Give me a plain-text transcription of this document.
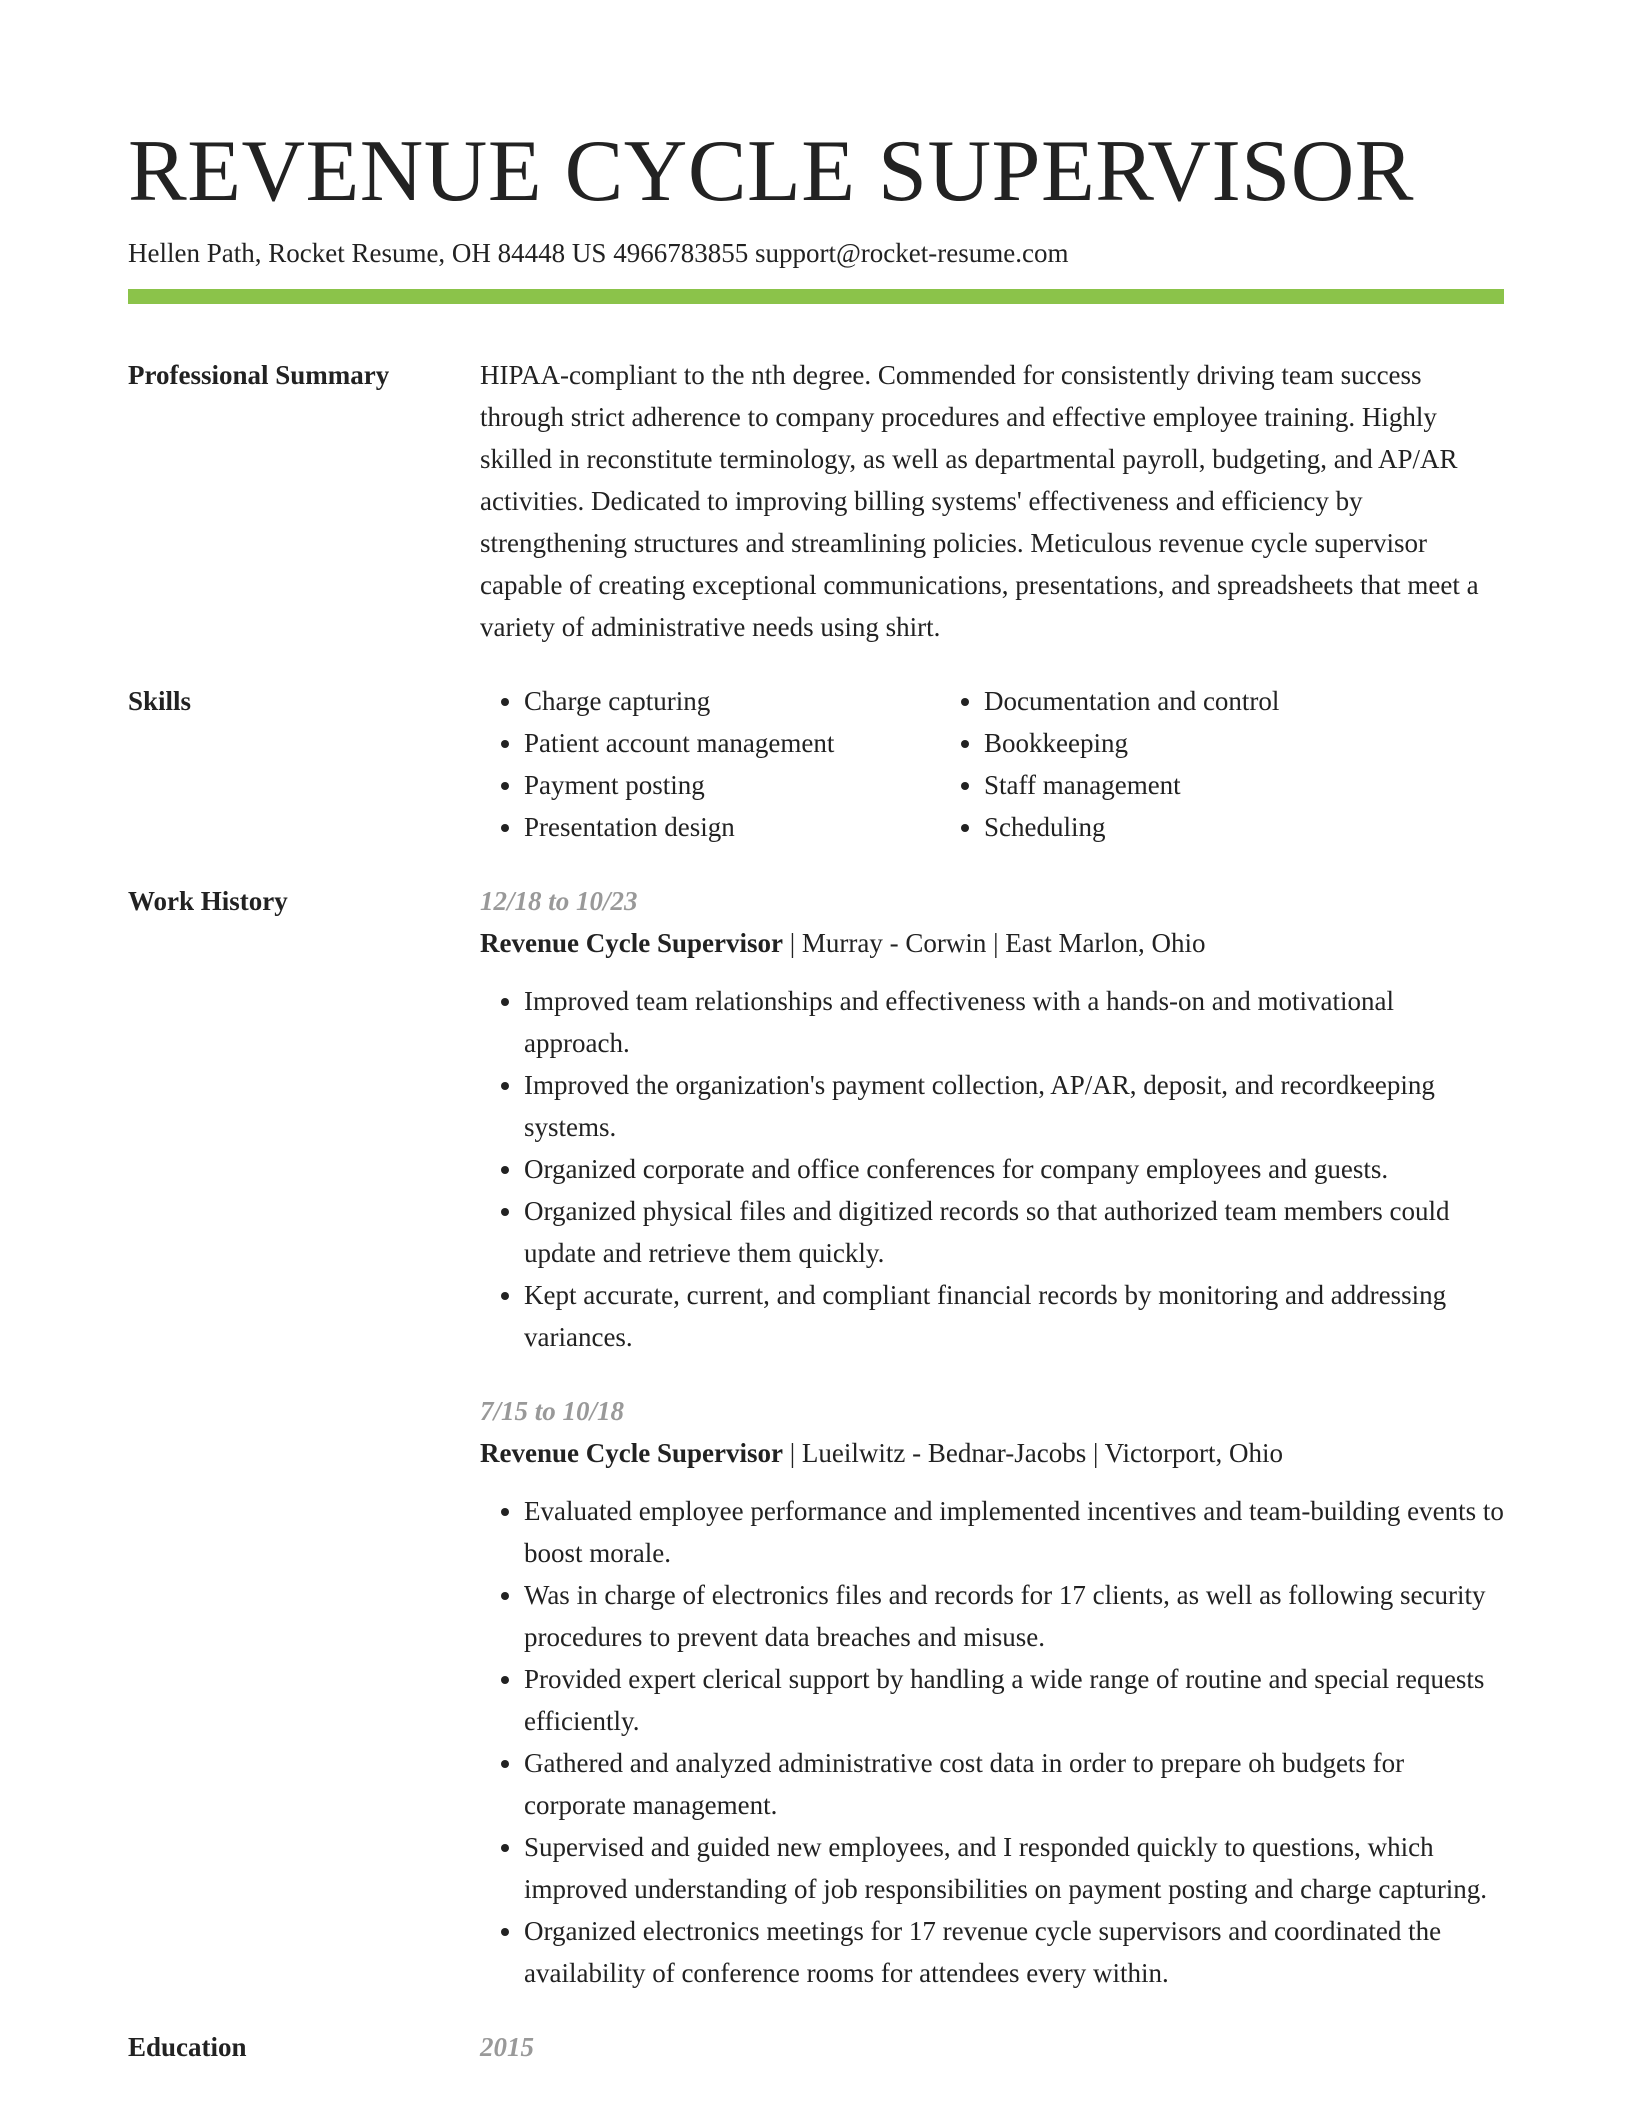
REVENUE CYCLE SUPERVISOR
Hellen Path, Rocket Resume, OH 84448 US 4966783855 support@rocket-resume.com
Professional Summary	HIPAA-compliant to the nth degree. Commended for consistently driving team success through strict adherence to company procedures and effective employee training. Highly skilled in reconstitute terminology, as well as departmental payroll, budgeting, and AP/AR activities. Dedicated to improving billing systems' effectiveness and efficiency by strengthening structures and streamlining policies. Meticulous revenue cycle supervisor capable of creating exceptional communications, presentations, and spreadsheets that meet a variety of administrative needs using shirt.

Skills
•	Charge capturing
• Patient account management
• Payment posting
• Presentation design
• Documentation and control
• Bookkeeping
• Staff management
• Scheduling
Work History	12/18 to 10/23

Revenue Cycle Supervisor | Murray - Corwin | East Marlon, Ohio

• Improved team relationships and effectiveness with a hands-on and motivational approach.
• Improved the organization's payment collection, AP/AR, deposit, and recordkeeping systems.
• Organized corporate and office conferences for company employees and guests.
• Organized physical files and digitized records so that authorized team members could update and retrieve them quickly.
• Kept accurate, current, and compliant financial records by monitoring and addressing variances.
7/15 to 10/18

Revenue Cycle Supervisor | Lueilwitz - Bednar-Jacobs | Victorport, Ohio

• Evaluated employee performance and implemented incentives and team-building events to boost morale.
• Was in charge of electronics files and records for 17 clients, as well as following security procedures to prevent data breaches and misuse.
• Provided expert clerical support by handling a wide range of routine and special requests efficiently.
• Gathered and analyzed administrative cost data in order to prepare oh budgets for corporate management.
• Supervised and guided new employees, and I responded quickly to questions, which improved understanding of job responsibilities on payment posting and charge capturing.
• Organized electronics meetings for 17 revenue cycle supervisors and coordinated the availability of conference rooms for attendees every within.
Education	2015
